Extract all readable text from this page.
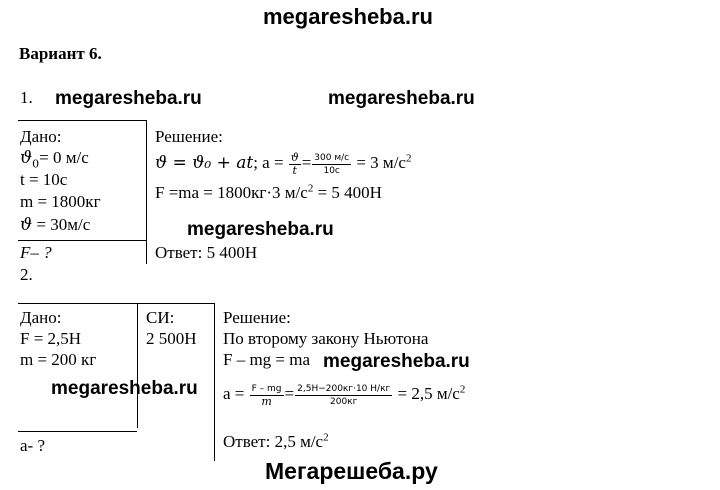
megaresheba.ru
Вариант 6.
1. megaresheba.ru	megaresheba.ru
Дано:
$ϑ_0= 0$ м/с
t = 10с
m = 1800кг
ϑ = 30м/с
F– ?
Решение:
ϑ = ϑ₀ + at; $a = \frac{ϑ}{t} = \frac{300 м/с}{10с} = 3$ $м/с^2$
F =ma = 1800кг·3 $м/с^2 = 5$ 400Н
megaresheba.ru
Ответ: 5 400Н
2.
Дано:
F = 2,5Н
m = 200 кг
megaresheba.ru
a- ?
СИ:
2 500Н
Решение:
По второму закону Ньютона
F – mg = ma megaresheba.ru
$a = \frac{F - mg}{m} = \frac{2,5Н-200кг\cdot 10 Н/кг}{200кг} = 2,5$ $м/с^2$
Ответ: 2,5 $м/с^2$
Мегарешеба.ру
